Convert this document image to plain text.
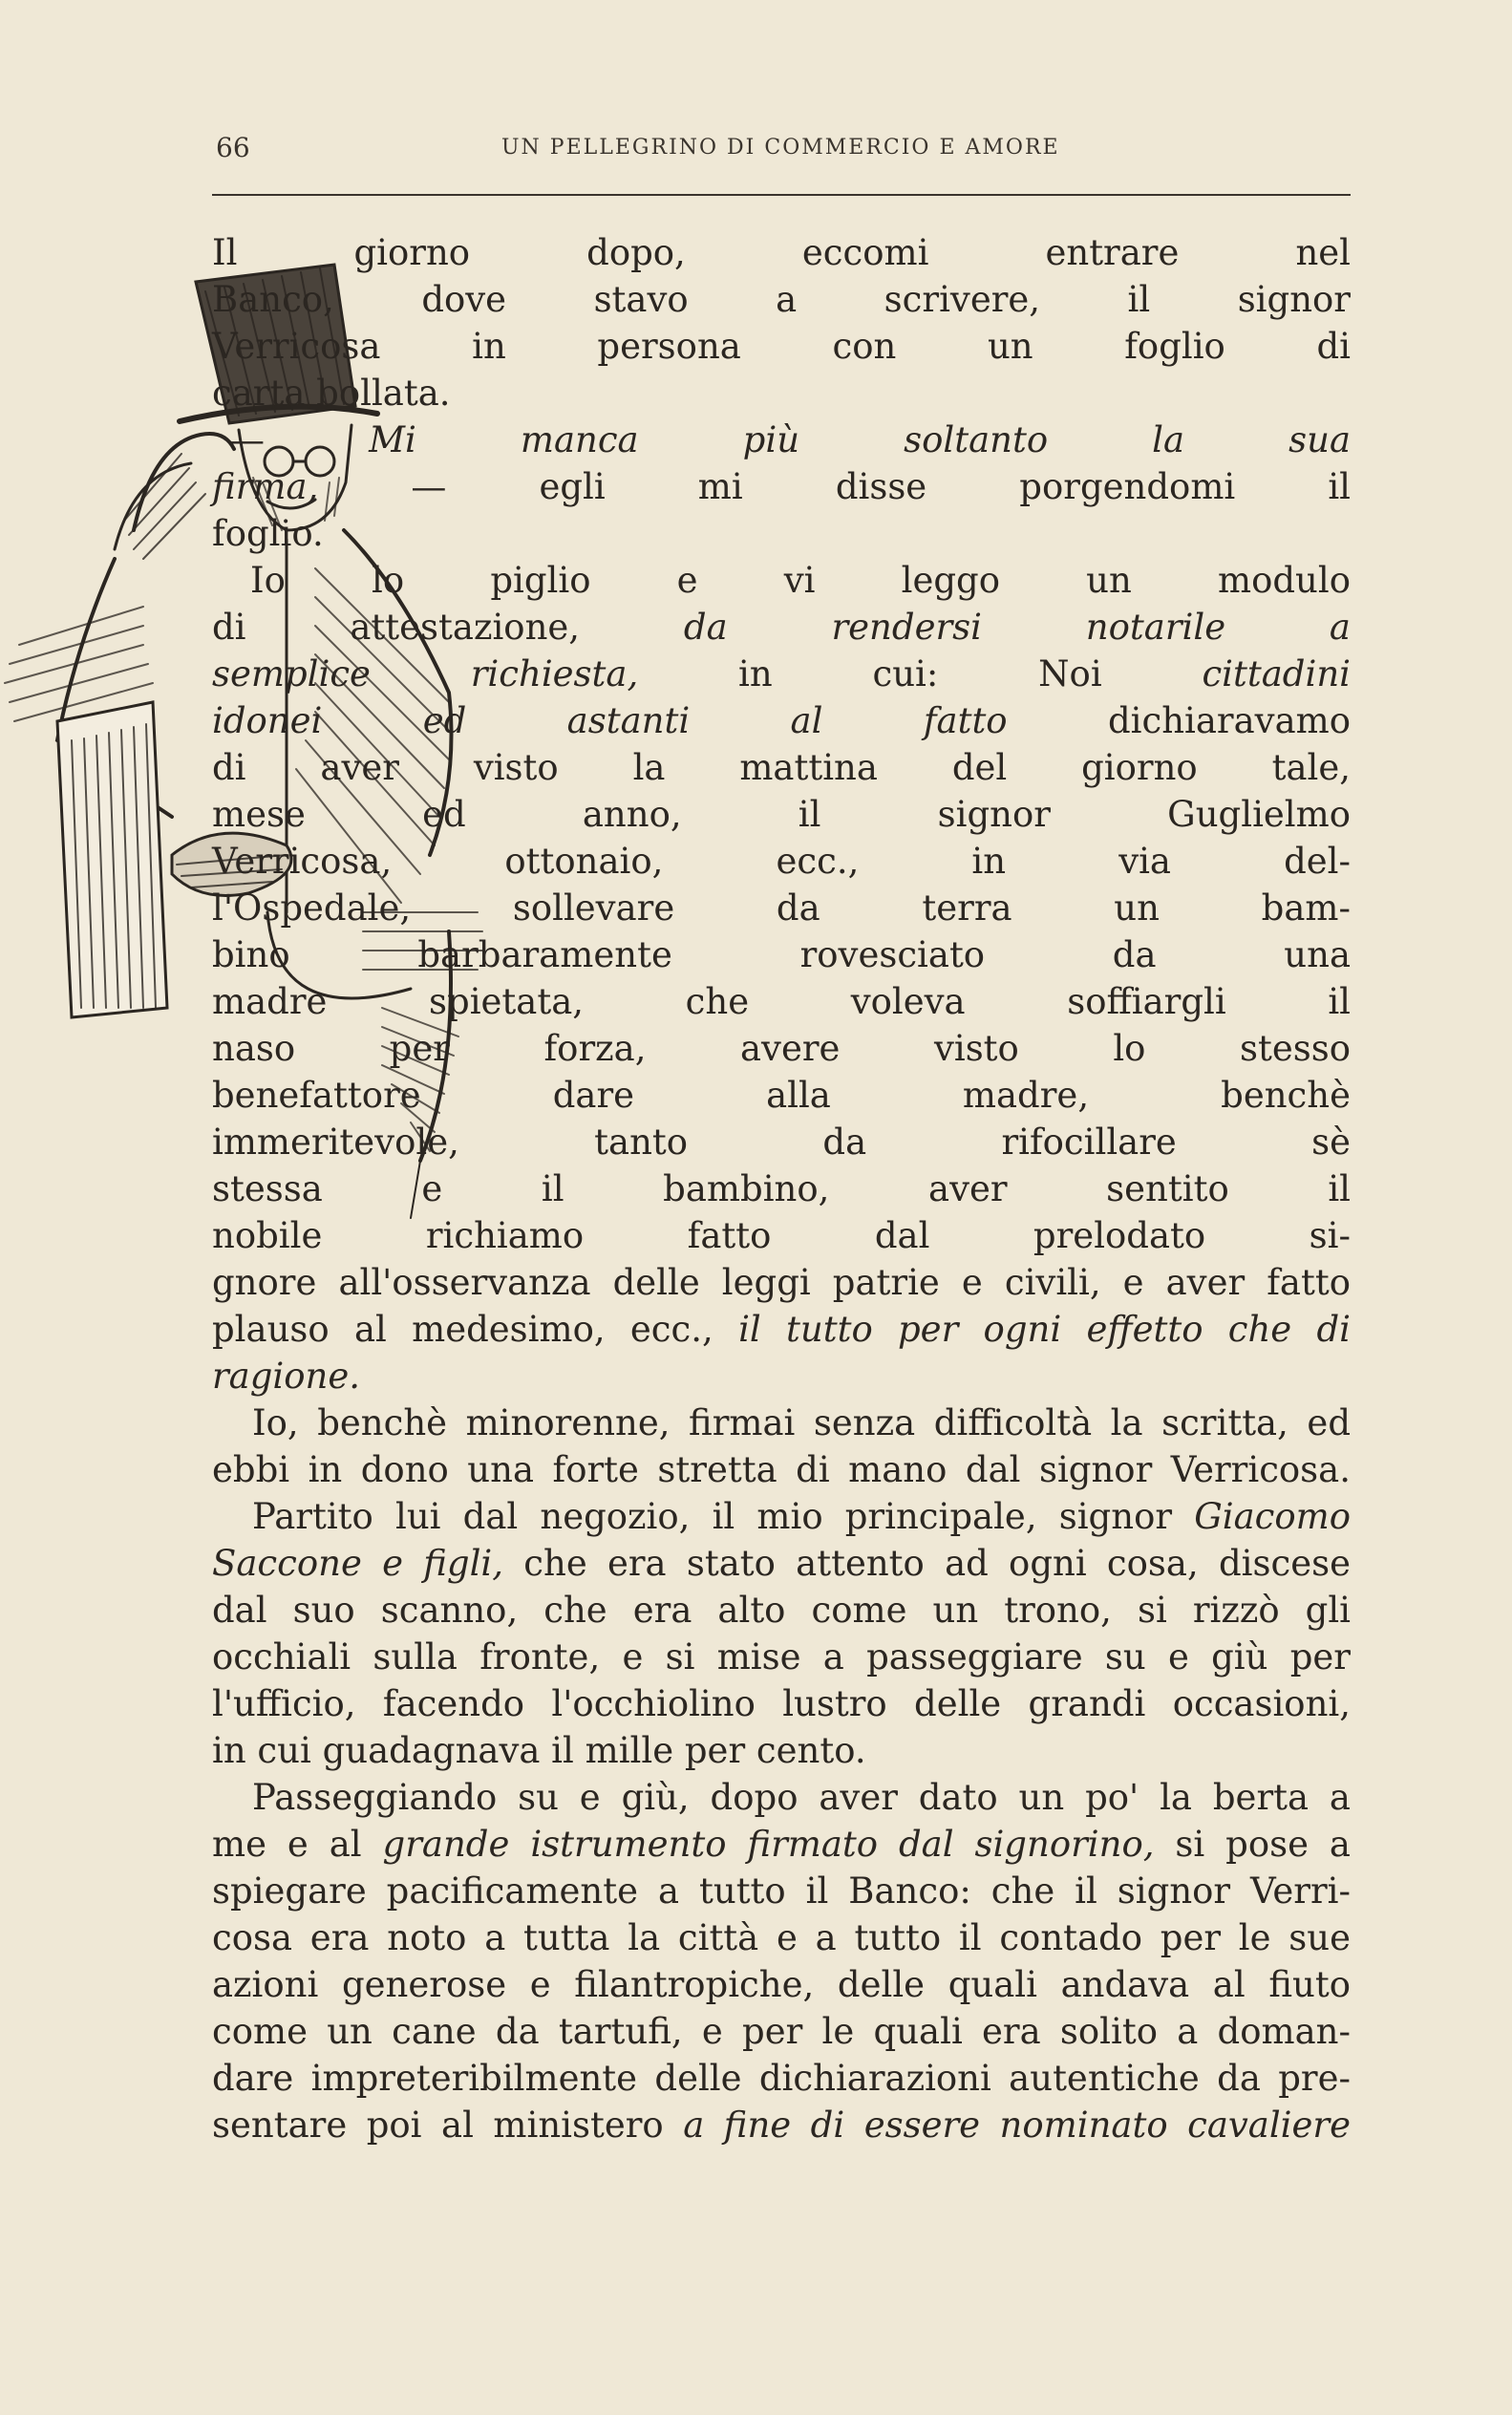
66	UN PELLEGRINO DI COMMERCIO E AMORE

Il giorno dopo, eccomi entrare nel

Banco, dove stavo a scrivere, il signor

Verricosa in persona con un foglio di

carta bollata.

— Mi manca più soltanto la sua

firma, — egli mi disse porgendomi il

foglio.

Io lo piglio e vi leggo un modulo

di attestazione, da rendersi notarile a

semplice richiesta, in cui: Noi cittadini

idonei ed astanti al fatto dichiaravamo

di aver visto la mattina del giorno tale,

mese ed anno, il signor Guglielmo

Verricosa, ottonaio, ecc., in via del-

l'Ospedale, sollevare da terra un bam-

bino barbaramente rovesciato da una

madre spietata, che voleva soffiargli il

naso per forza, avere visto lo stesso

benefattore dare alla madre, benchè

immeritevole, tanto da rifocillare sè

stessa e il bambino, aver sentito il

nobile richiamo fatto dal prelodato si-

gnore all'osservanza delle leggi patrie e civili, e aver fatto

plauso al medesimo, ecc., il tutto per ogni effetto che di

ragione.

Io, benchè minorenne, firmai senza difficoltà la scritta, ed

ebbi in dono una forte stretta di mano dal signor Verricosa.

Partito lui dal negozio, il mio principale, signor Giacomo

Saccone e figli, che era stato attento ad ogni cosa, discese

dal suo scanno, che era alto come un trono, si rizzò gli

occhiali sulla fronte, e si mise a passeggiare su e giù per

l'ufficio, facendo l'occhiolino lustro delle grandi occasioni,

in cui guadagnava il mille per cento.

Passeggiando su e giù, dopo aver dato un po' la berta a

me e al grande istrumento firmato dal signorino, si pose a

spiegare pacificamente a tutto il Banco: che il signor Verri-

cosa era noto a tutta la città e a tutto il contado per le sue

azioni generose e filantropiche, delle quali andava al fiuto

come un cane da tartufi, e per le quali era solito a doman-

dare impreteribilmente delle dichiarazioni autentiche da pre-

sentare poi al ministero a fine di essere nominato cavaliere
